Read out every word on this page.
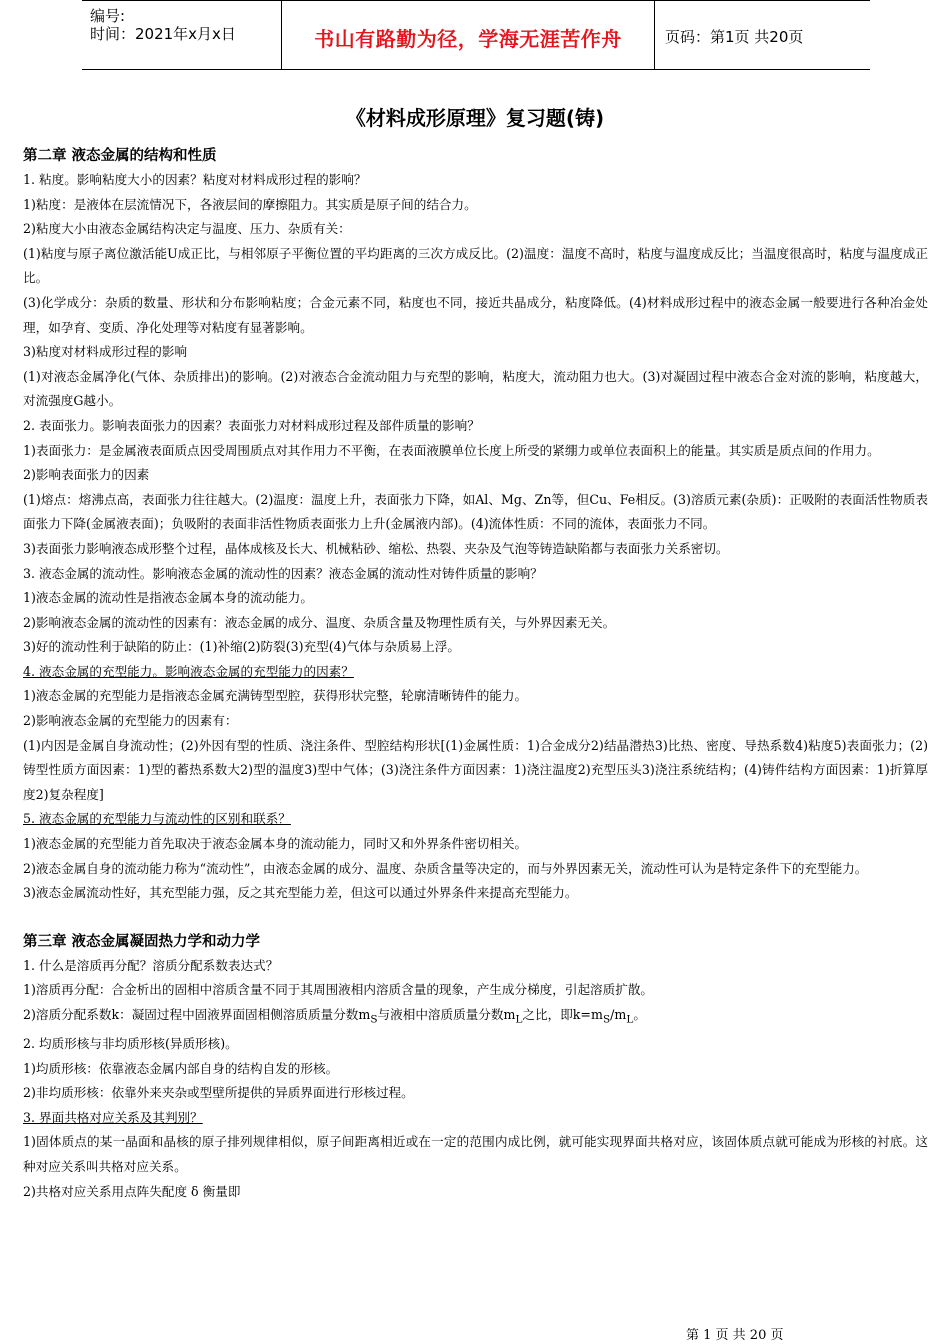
编号:
时间：2021年x月x日	书山有路勤为径，学海无涯苦作舟	页码：第1页 共20页
《材料成形原理》复习题(铸)

第二章 液态金属的结构和性质

1. 粘度。影响粘度大小的因素？粘度对材料成形过程的影响？

1)粘度：是液体在层流情况下，各液层间的摩擦阻力。其实质是原子间的结合力。

2)粘度大小由液态金属结构决定与温度、压力、杂质有关：

(1)粘度与原子离位激活能U成正比，与相邻原子平衡位置的平均距离的三次方成反比。(2)温度：温度不高时，粘度与温度成反比；当温度很高时，粘度与温度成正比。

(3)化学成分：杂质的数量、形状和分布影响粘度；合金元素不同，粘度也不同，接近共晶成分，粘度降低。(4)材料成形过程中的液态金属一般要进行各种冶金处理，如孕育、变质、净化处理等对粘度有显著影响。

3)粘度对材料成形过程的影响

(1)对液态金属净化(气体、杂质排出)的影响。(2)对液态合金流动阻力与充型的影响，粘度大，流动阻力也大。(3)对凝固过程中液态合金对流的影响，粘度越大，对流强度G越小。

2. 表面张力。影响表面张力的因素？表面张力对材料成形过程及部件质量的影响？

1)表面张力：是金属液表面质点因受周围质点对其作用力不平衡，在表面液膜单位长度上所受的紧绷力或单位表面积上的能量。其实质是质点间的作用力。

2)影响表面张力的因素

(1)熔点：熔沸点高，表面张力往往越大。(2)温度：温度上升，表面张力下降，如Al、Mg、Zn等，但Cu、Fe相反。(3)溶质元素(杂质)：正吸附的表面活性物质表面张力下降(金属液表面)；负吸附的表面非活性物质表面张力上升(金属液内部)。(4)流体性质：不同的流体，表面张力不同。

3)表面张力影响液态成形整个过程，晶体成核及长大、机械粘砂、缩松、热裂、夹杂及气泡等铸造缺陷都与表面张力关系密切。

3. 液态金属的流动性。影响液态金属的流动性的因素？液态金属的流动性对铸件质量的影响？

1)液态金属的流动性是指液态金属本身的流动能力。

2)影响液态金属的流动性的因素有：液态金属的成分、温度、杂质含量及物理性质有关，与外界因素无关。

3)好的流动性利于缺陷的防止：(1)补缩(2)防裂(3)充型(4)气体与杂质易上浮。

4. 液态金属的充型能力。影响液态金属的充型能力的因素？

1)液态金属的充型能力是指液态金属充满铸型型腔，获得形状完整，轮廓清晰铸件的能力。

2)影响液态金属的充型能力的因素有：

(1)内因是金属自身流动性；(2)外因有型的性质、浇注条件、型腔结构形状[(1)金属性质：1)合金成分2)结晶潜热3)比热、密度、导热系数4)粘度5)表面张力；(2)铸型性质方面因素：1)型的蓄热系数大2)型的温度3)型中气体；(3)浇注条件方面因素：1)浇注温度2)充型压头3)浇注系统结构；(4)铸件结构方面因素：1)折算厚度2)复杂程度]

5. 液态金属的充型能力与流动性的区别和联系？

1)液态金属的充型能力首先取决于液态金属本身的流动能力，同时又和外界条件密切相关。

2)液态金属自身的流动能力称为“流动性”，由液态金属的成分、温度、杂质含量等决定的，而与外界因素无关，流动性可认为是特定条件下的充型能力。

3)液态金属流动性好，其充型能力强，反之其充型能力差，但这可以通过外界条件来提高充型能力。

第三章 液态金属凝固热力学和动力学

1. 什么是溶质再分配？溶质分配系数表达式？

1)溶质再分配：合金析出的固相中溶质含量不同于其周围液相内溶质含量的现象，产生成分梯度，引起溶质扩散。

2)溶质分配系数k：凝固过程中固液界面固相侧溶质质量分数$m_S$与液相中溶质质量分数$m_L$之比，即$k=m_S/m_L$。

2. 均质形核与非均质形核(异质形核)。

1)均质形核：依靠液态金属内部自身的结构自发的形核。

2)非均质形核：依靠外来夹杂或型壁所提供的异质界面进行形核过程。

3. 界面共格对应关系及其判别？

1)固体质点的某一晶面和晶核的原子排列规律相似，原子间距离相近或在一定的范围内成比例，就可能实现界面共格对应，该固体质点就可能成为形核的衬底。这种对应关系叫共格对应关系。

2)共格对应关系用点阵失配度 δ 衡量即

第 1 页 共 20 页
